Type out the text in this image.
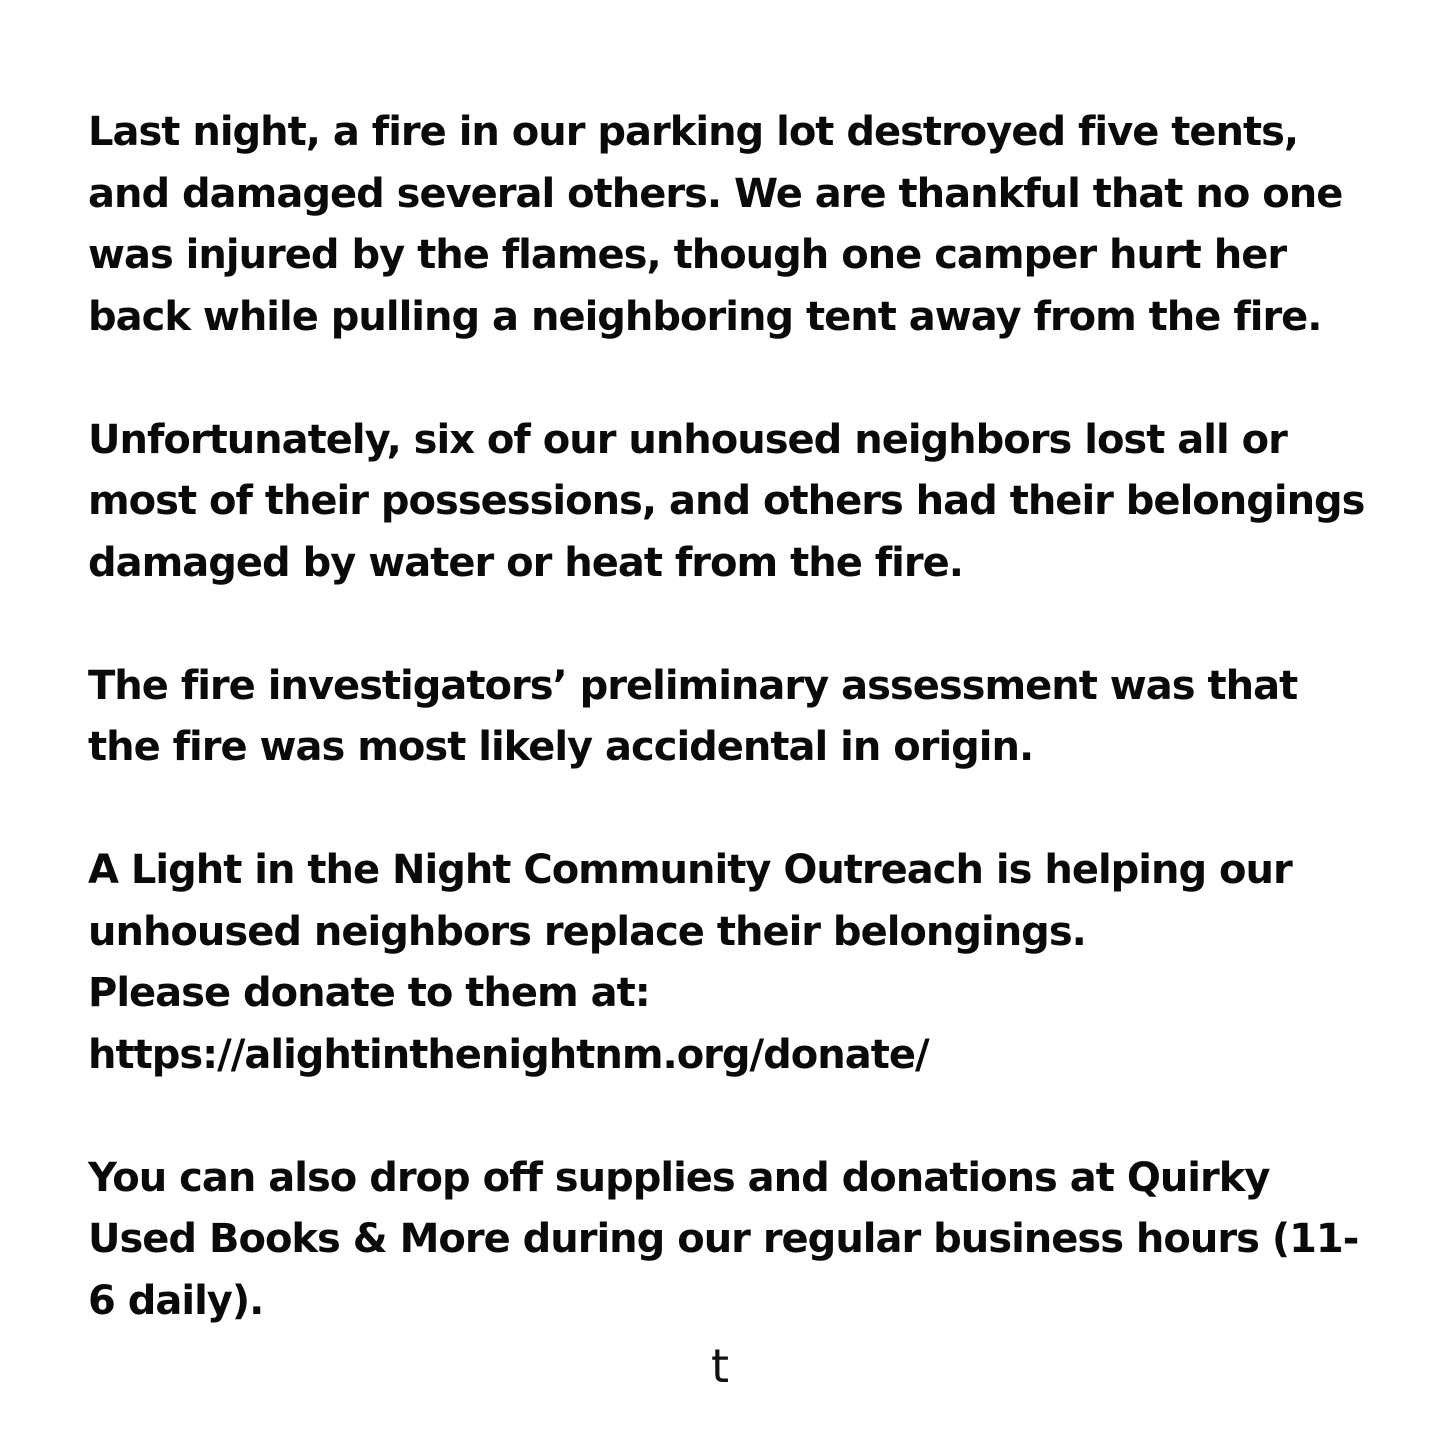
Last night, a fire in our parking lot destroyed five tents,
and damaged several others. We are thankful that no one
was injured by the flames, though one camper hurt her
back while pulling a neighboring tent away from the fire.
Unfortunately, six of our unhoused neighbors lost all or
most of their possessions, and others had their belongings
damaged by water or heat from the fire.
The fire investigators’ preliminary assessment was that
the fire was most likely accidental in origin.
A Light in the Night Community Outreach is helping our
unhoused neighbors replace their belongings.
Please donate to them at:
https://alightinthenightnm.org/donate/
You can also drop off supplies and donations at Quirky
Used Books & More during our regular business hours (11-
6 daily).
t
